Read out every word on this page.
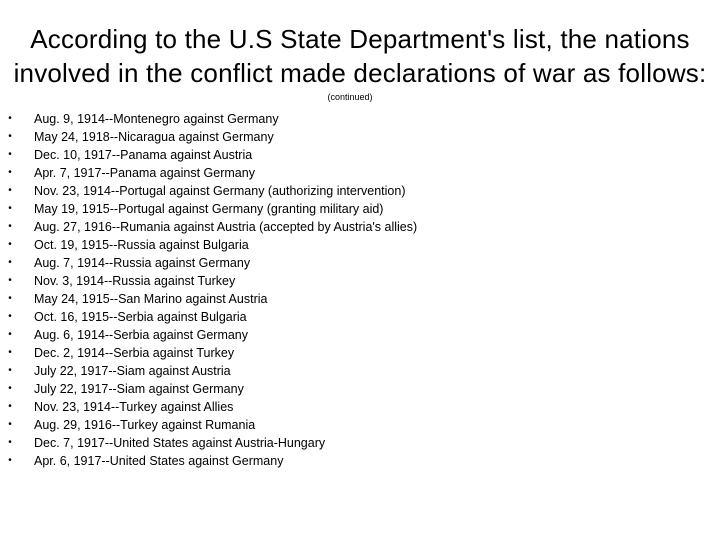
According to the U.S State Department's list, the nations
involved in the conflict made declarations of war as follows:
(continued)
• Aug. 9, 1914--Montenegro against Germany
• May 24, 1918--Nicaragua against Germany
• Dec. 10, 1917--Panama against Austria
• Apr. 7, 1917--Panama against Germany
• Nov. 23, 1914--Portugal against Germany (authorizing intervention)
• May 19, 1915--Portugal against Germany (granting military aid)
• Aug. 27, 1916--Rumania against Austria (accepted by Austria's allies)
• Oct. 19, 1915--Russia against Bulgaria
• Aug. 7, 1914--Russia against Germany
• Nov. 3, 1914--Russia against Turkey
• May 24, 1915--San Marino against Austria
• Oct. 16, 1915--Serbia against Bulgaria
• Aug. 6, 1914--Serbia against Germany
• Dec. 2, 1914--Serbia against Turkey
• July 22, 1917--Siam against Austria
• July 22, 1917--Siam against Germany
• Nov. 23, 1914--Turkey against Allies
• Aug. 29, 1916--Turkey against Rumania
• Dec. 7, 1917--United States against Austria-Hungary
• Apr. 6, 1917--United States against Germany
